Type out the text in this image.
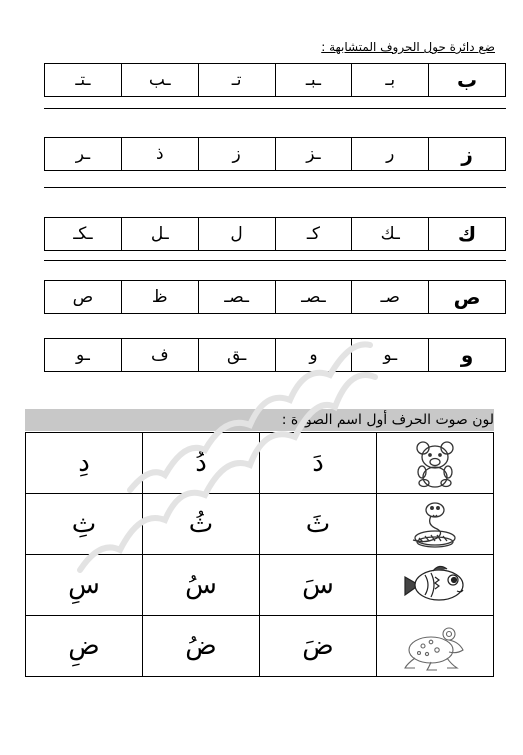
ضع دائرة حول الحروف المتشابهة :
ب	بـ	ـبـ	تـ	ـب	ـتـ
ز	ر	ـز	ز	ذ	ـر
ك	ـك	كـ	ل	ـل	ـكـ
ص	صـ	ـصـ	ـصـ	ظ	ص
و	ـو	و	ـق	ف	ـو
لون صوت الحرف أول اسم الصورة :
	دَ	دُ	دِ

	ثَ	ثُ	ثِ

	سَ	سُ	سِ

	ضَ	ضُ	ضِ
